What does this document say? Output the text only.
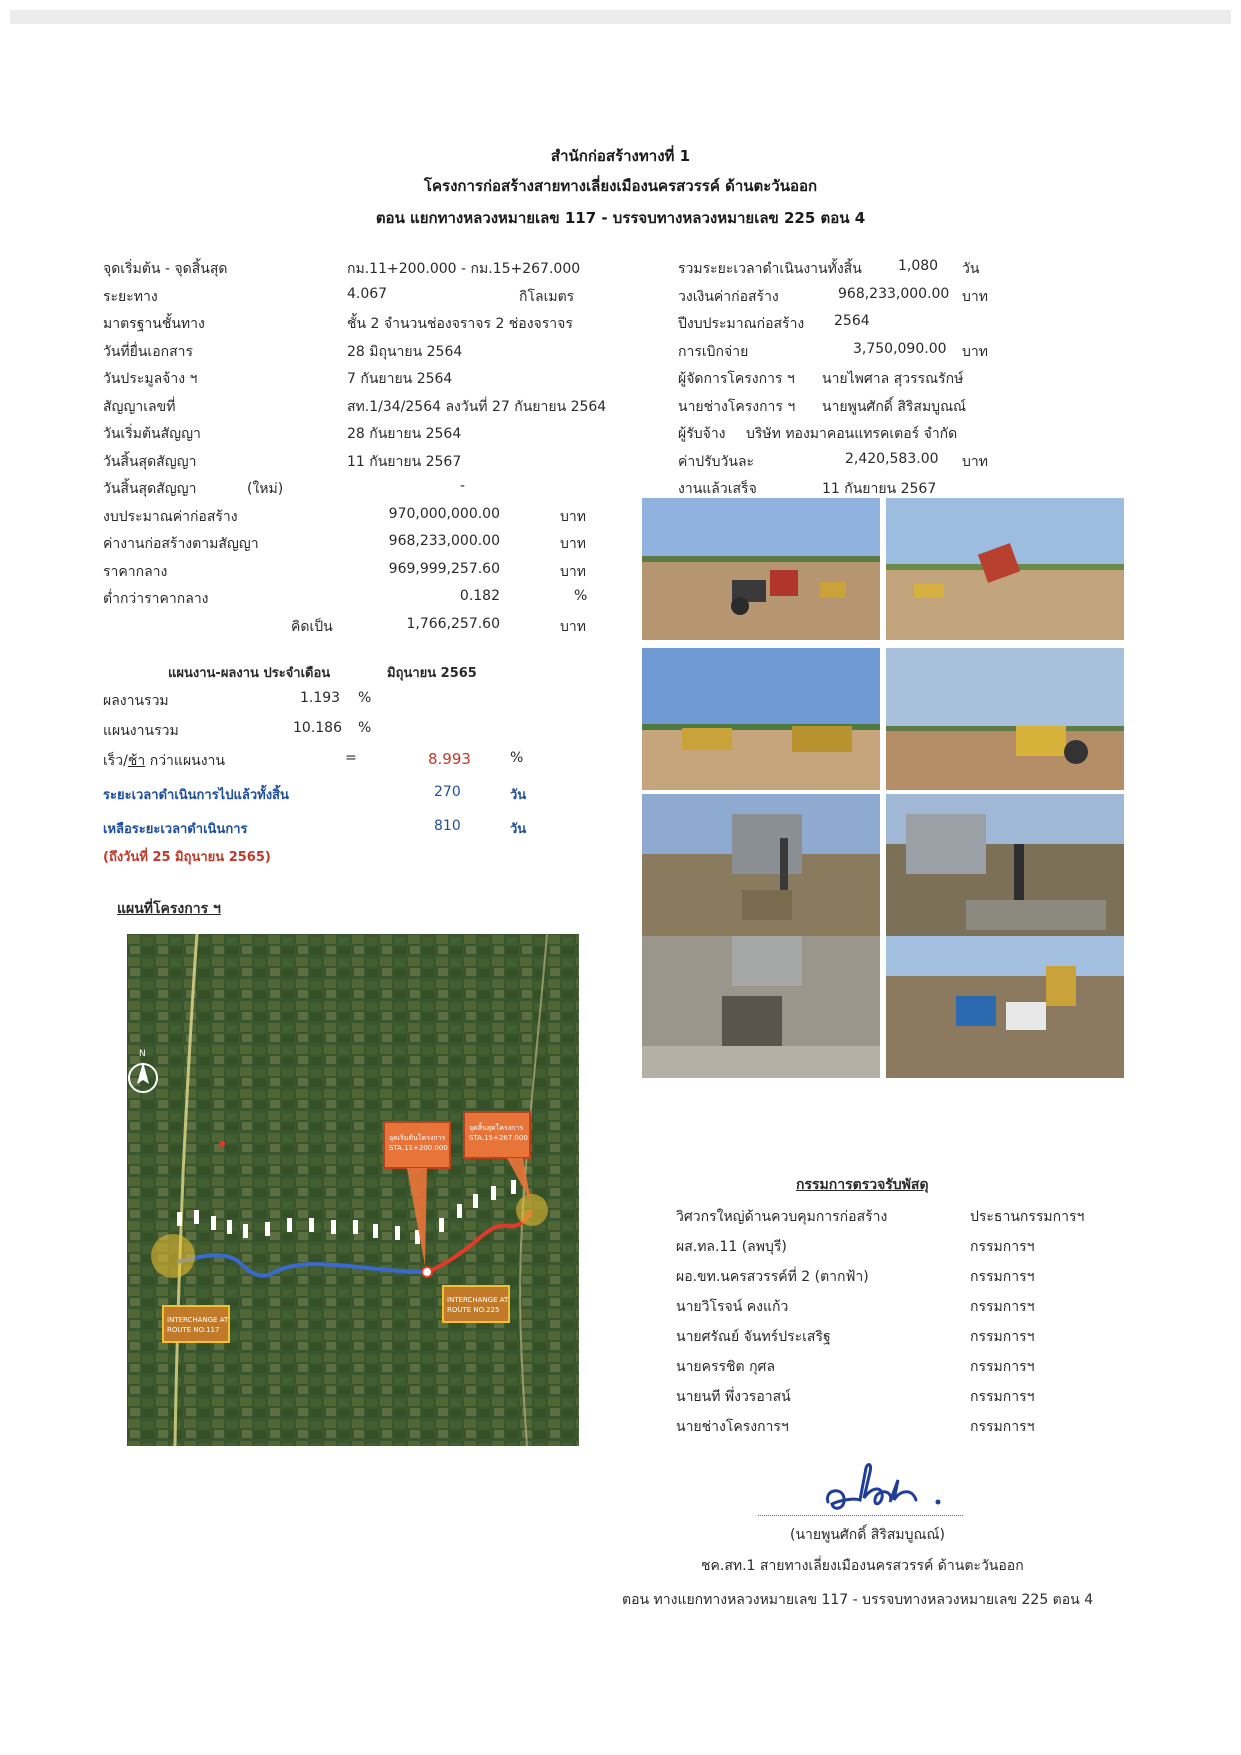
สำนักก่อสร้างทางที่ 1
โครงการก่อสร้างสายทางเลี่ยงเมืองนครสวรรค์ ด้านตะวันออก
ตอน แยกทางหลวงหมายเลข 117 - บรรจบทางหลวงหมายเลข 225 ตอน 4
จุดเริ่มต้น - จุดสิ้นสุด	กม.11+200.000 - กม.15+267.000
ระยะทาง	4.067	กิโลเมตร
มาตรฐานชั้นทาง	ชั้น 2 จำนวนช่องจราจร 2 ช่องจราจร
วันที่ยื่นเอกสาร	28 มิถุนายน 2564
วันประมูลจ้าง ฯ	7 กันยายน 2564
สัญญาเลขที่	สท.1/34/2564 ลงวันที่ 27 กันยายน 2564
วันเริ่มต้นสัญญา	28 กันยายน 2564
วันสิ้นสุดสัญญา	11 กันยายน 2567
วันสิ้นสุดสัญญา	(ใหม่)	-
รวมระยะเวลาดำเนินงานทั้งสิ้น	1,080 วัน
วงเงินค่าก่อสร้าง	968,233,000.00 บาท
ปีงบประมาณก่อสร้าง 2564
การเบิกจ่าย	3,750,090.00 บาท
ผู้จัดการโครงการ ฯ นายไพศาล สุวรรณรักษ์
นายช่างโครงการ ฯ นายพูนศักดิ์ สิริสมบูณณ์
ผู้รับจ้าง บริษัท ทองมาคอนแทรคเตอร์ จำกัด
ค่าปรับวันละ	2,420,583.00 บาท
งานแล้วเสร็จ	11 กันยายน 2567
งบประมาณค่าก่อสร้าง	970,000,000.00	บาท
ค่างานก่อสร้างตามสัญญา	968,233,000.00	บาท
ราคากลาง	969,999,257.60	บาท
ต่ำกว่าราคากลาง	0.182	%
คิดเป็น	1,766,257.60	บาท
แผนงาน-ผลงาน ประจำเดือน	มิถุนายน 2565
ผลงานรวม	1.193 %
แผนงานรวม	10.186 %
เร็ว/ช้า กว่าแผนงาน	=	8.993	%
ระยะเวลาดำเนินการไปแล้วทั้งสิ้น	270	วัน
เหลือระยะเวลาดำเนินการ	810	วัน
(ถึงวันที่ 25 มิถุนายน 2565)
แผนที่โครงการ ฯ
จุดเริ่มต้นโครงการ STA.11+200.000
จุดสิ้นสุดโครงการ STA.15+267.000
INTERCHANGE AT ROUTE NO.117
INTERCHANGE AT ROUTE NO.225
N
กรรมการตรวจรับพัสดุ
วิศวกรใหญ่ด้านควบคุมการก่อสร้าง	ประธานกรรมการฯ
ผส.ทล.11 (ลพบุรี)	กรรมการฯ
ผอ.ขท.นครสวรรค์ที่ 2 (ตากฟ้า)	กรรมการฯ
นายวิโรจน์ คงแก้ว	กรรมการฯ
นายศรัณย์ จันทร์ประเสริฐ	กรรมการฯ
นายครรชิต กุศล	กรรมการฯ
นายนที พึ่งวรอาสน์	กรรมการฯ
นายช่างโครงการฯ	กรรมการฯ
(นายพูนศักดิ์ สิริสมบูณณ์)
ชค.สท.1 สายทางเลี่ยงเมืองนครสวรรค์ ด้านตะวันออก
ตอน ทางแยกทางหลวงหมายเลข 117 - บรรจบทางหลวงหมายเลข 225 ตอน 4
